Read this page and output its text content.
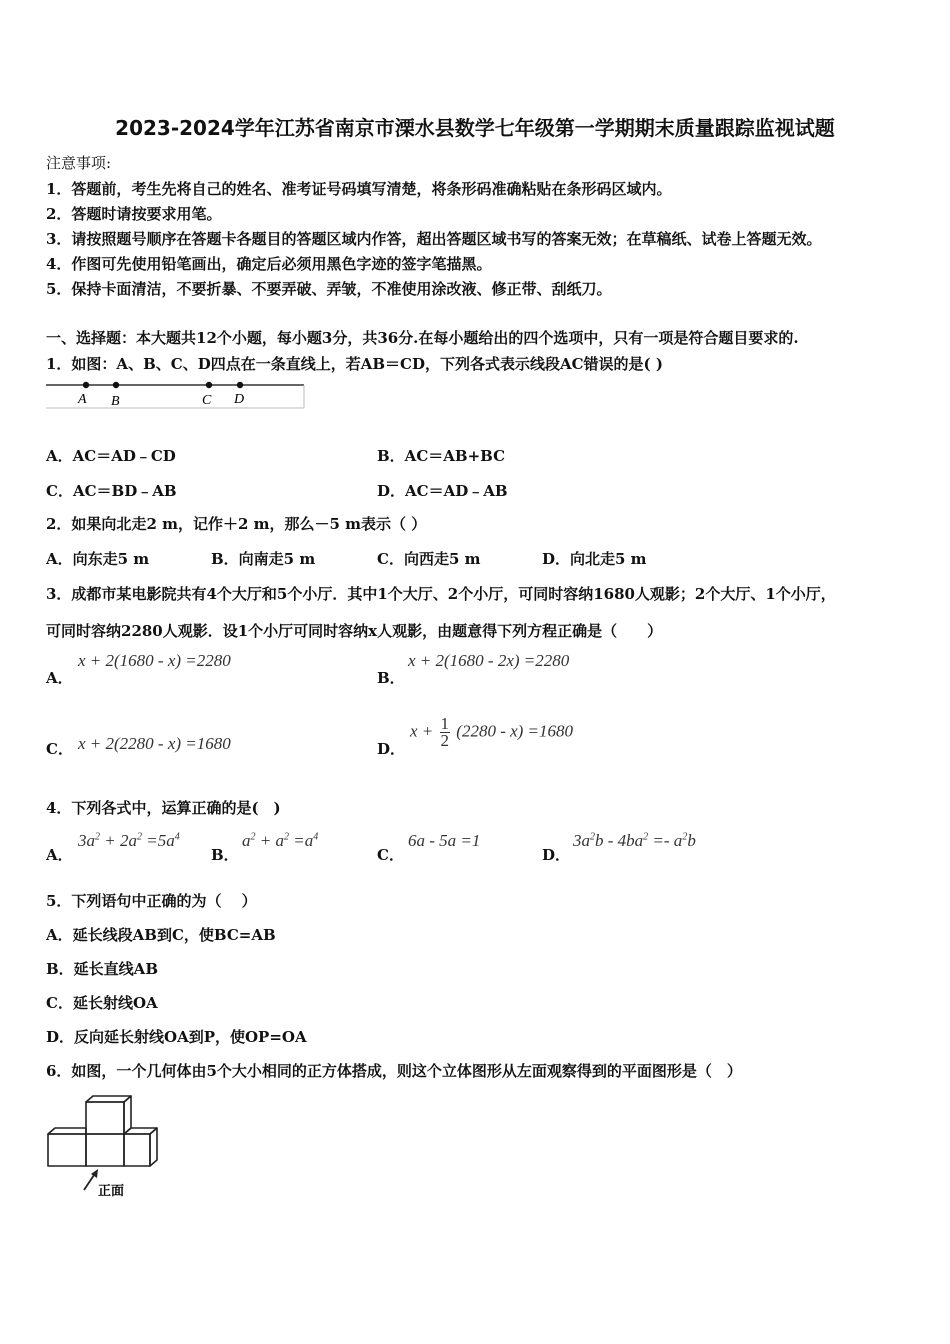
2023-2024学年江苏省南京市溧水县数学七年级第一学期期末质量跟踪监视试题
注意事项:
1．答题前，考生先将自己的姓名、准考证号码填写清楚，将条形码准确粘贴在条形码区域内。
2．答题时请按要求用笔。
3．请按照题号顺序在答题卡各题目的答题区域内作答，超出答题区域书写的答案无效；在草稿纸、试卷上答题无效。
4．作图可先使用铅笔画出，确定后必须用黑色字迹的签字笔描黑。
5．保持卡面清洁，不要折暴、不要弄破、弄皱，不准使用涂改液、修正带、刮纸刀。
一、选择题：本大题共12个小题，每小题3分，共36分.在每小题给出的四个选项中，只有一项是符合题目要求的.
1．如图：A、B、C、D四点在一条直线上，若AB＝CD，下列各式表示线段AC错误的是( )
A B	C D
A．AC＝AD﹣CD	B．AC＝AB+BC
C．AC＝BD﹣AB	D．AC＝AD﹣AB
2．如果向北走2 m，记作＋2 m，那么－5 m表示（ ）
A．向东走5 m	B．向南走5 m	C．向西走5 m	D．向北走5 m
3．成都市某电影院共有4个大厅和5个小厅．其中1个大厅、2个小厅，可同时容纳1680人观影；2个大厅、1个小厅，
可同时容纳2280人观影．设1个小厅可同时容纳x人观影，由题意得下列方程正确是（　　）
A．
x + 2(1680 - x) =2280
B．
x + 2(1680 - 2x) =2280
C． x + 2(2280 - x) =1680	D．
$x + \frac{1}{2} (2280 - x) =1680$
4．下列各式中，运算正确的是(　)
A．
$3a^2 + 2a^2 =5a^4$
B．
$a^2 + a^2 =a^4$
C．
6a - 5a =1
D．
$3a^2b - 4ba^2 =- a^2b$
5．下列语句中正确的为（　 ）
A．延长线段AB到C，使BC=AB
B．延长直线AB
C．延长射线OA
D．反向延长射线OA到P，使OP=OA
6．如图，一个几何体由5个大小相同的正方体搭成，则这个立体图形从左面观察得到的平面图形是（　）
正面
